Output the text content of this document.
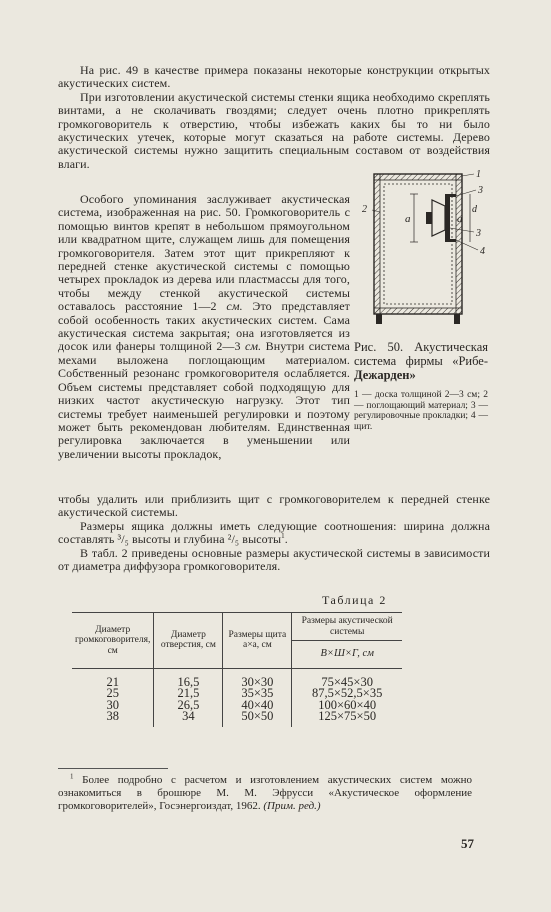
На рис. 49 в качестве примера показаны некоторые конструкции открытых акустических систем.

При изготовлении акустической системы стенки ящика необходимо скреплять винтами, а не сколачивать гвоздями; следует очень плотно прикреплять громкоговоритель к отверстию, чтобы избежать каких бы то ни было акустических утечек, которые могут сказаться на работе системы. Дерево акустической системы нужно защитить специальным составом от воздействия влаги.

Особого упоминания заслуживает акустическая система, изображенная на рис. 50. Громкоговоритель с помощью винтов крепят в небольшом прямоугольном или квадратном щите, служащем лишь для помещения громкоговорителя. Затем этот щит прикрепляют к передней стенке акустической системы с помощью четырех прокладок из дерева или пластмассы для того, чтобы между стенкой акустической системы оставалось расстояние 1—2 см. Это представляет собой особенность таких акустических систем. Сама акустическая система закрытая; она изготовляется из досок или фанеры толщиной 2—3 см. Внутри система мехами выложена поглощающим материалом. Собственный резонанс громкоговорителя ослабляется. Объем системы представляет собой подходящую для низких частот акустическую нагрузку. Этот тип системы требует наименьшей регулировки и поэтому может быть рекомендован любителям. Единственная регулировка заключается в уменьшении или увеличении высоты прокладок,

чтобы удалить или приблизить щит с громкоговорителем к передней стенке акустической системы.

Размеры ящика должны иметь следующие соотношения: ширина должна составлять ³/₅ высоты и глубина ²/₅ высоты$^1$.

В табл. 2 приведены основные размеры акустической системы в зависимости от диаметра диффузора громкоговорителя.

1
3
3
4
2
a	a
d
Рис. 50. Акустическая система фирмы «Рибе- Дежарден»
1 — доска толщиной 2—3 см; 2 — поглощающий материал; 3 — регулировочные прокладки; 4 — щит.
Таблица 2
Диаметр громкоговорителя, см	Диаметр отверстия, см	Размеры щита a×a, см	Размеры акустической системы
			В×Ш×Г, см
21	16,5	30×30	75×45×30
25	21,5	35×35	87,5×52,5×35
30	26,5	40×40	100×60×40
38	34	50×50	125×75×50
$^1$ Более подробно с расчетом и изготовлением акустических систем можно ознакомиться в брошюре М. М. Эфрусси «Акустическое оформление громкоговорителей», Госэнергоиздат, 1962. (Прим. ред.)
57
